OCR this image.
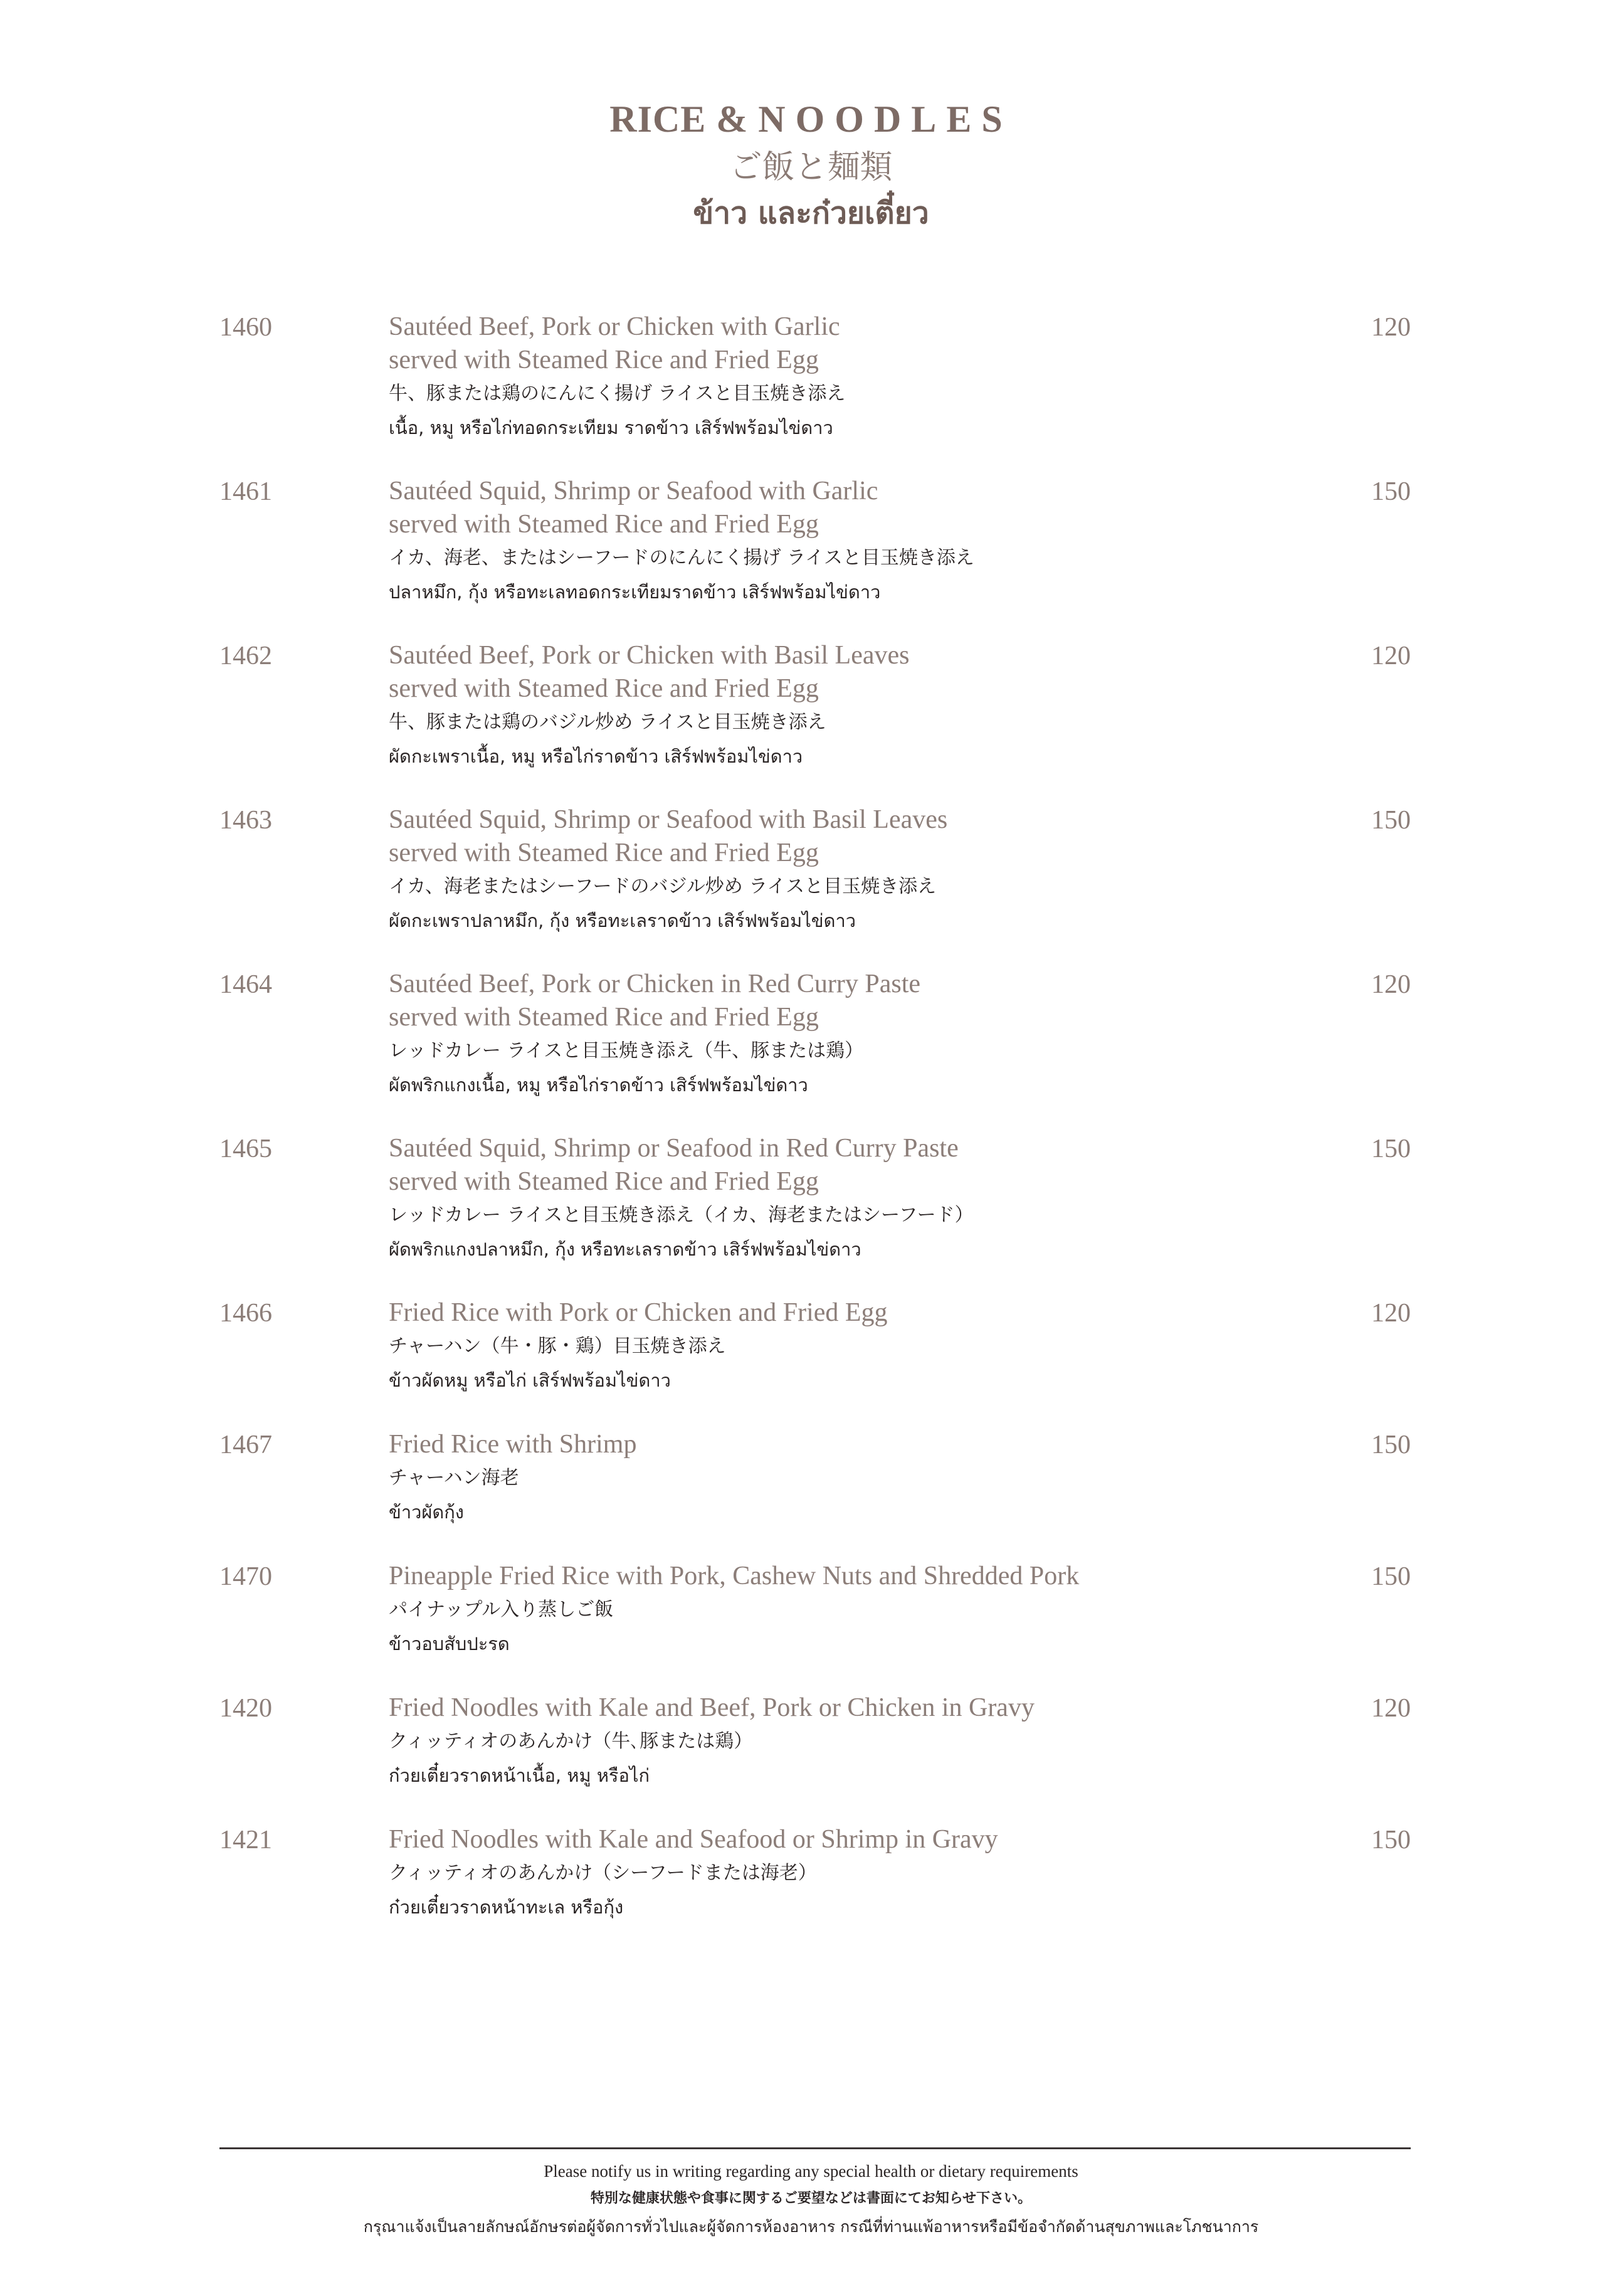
RICE & NOODLES
ご飯と麺類
ข้าว และก๋วยเตี๋ยว
1460	Sautéed Beef, Pork or Chicken with Garlic
served with Steamed Rice and Fried Egg
牛、豚または鶏のにんにく揚げ ライスと目玉焼き添え
เนื้อ, หมู หรือไก่ทอดกระเทียม ราดข้าว เสิร์ฟพร้อมไข่ดาว
120
1461	Sautéed Squid, Shrimp or Seafood with Garlic
served with Steamed Rice and Fried Egg
イカ、海老、またはシーフードのにんにく揚げ ライスと目玉焼き添え
ปลาหมึก, กุ้ง หรือทะเลทอดกระเทียมราดข้าว เสิร์ฟพร้อมไข่ดาว
150
1462	Sautéed Beef, Pork or Chicken with Basil Leaves
served with Steamed Rice and Fried Egg
牛、豚または鶏のバジル炒め ライスと目玉焼き添え
ผัดกะเพราเนื้อ, หมู หรือไก่ราดข้าว เสิร์ฟพร้อมไข่ดาว
120
1463	Sautéed Squid, Shrimp or Seafood with Basil Leaves
served with Steamed Rice and Fried Egg
イカ、海老またはシーフードのバジル炒め ライスと目玉焼き添え
ผัดกะเพราปลาหมึก, กุ้ง หรือทะเลราดข้าว เสิร์ฟพร้อมไข่ดาว
150
1464	Sautéed Beef, Pork or Chicken in Red Curry Paste
served with Steamed Rice and Fried Egg
レッドカレー ライスと目玉焼き添え（牛、豚または鶏）
ผัดพริกแกงเนื้อ, หมู หรือไก่ราดข้าว เสิร์ฟพร้อมไข่ดาว
120
1465	Sautéed Squid, Shrimp or Seafood in Red Curry Paste
served with Steamed Rice and Fried Egg
レッドカレー ライスと目玉焼き添え（イカ、海老またはシーフード）
ผัดพริกแกงปลาหมึก, กุ้ง หรือทะเลราดข้าว เสิร์ฟพร้อมไข่ดาว
150
1466	Fried Rice with Pork or Chicken and Fried Egg
チャーハン（牛・豚・鶏）目玉焼き添え
ข้าวผัดหมู หรือไก่ เสิร์ฟพร้อมไข่ดาว
120
1467	Fried Rice with Shrimp
チャーハン海老
ข้าวผัดกุ้ง
150
1470	Pineapple Fried Rice with Pork, Cashew Nuts and Shredded Pork
パイナップル入り蒸しご飯
ข้าวอบสับปะรด
150
1420	Fried Noodles with Kale and Beef, Pork or Chicken in Gravy
クィッティオのあんかけ（牛､豚または鶏）
ก๋วยเตี๋ยวราดหน้าเนื้อ, หมู หรือไก่
120
1421	Fried Noodles with Kale and Seafood or Shrimp in Gravy
クィッティオのあんかけ（シーフードまたは海老）
ก๋วยเตี๋ยวราดหน้าทะเล หรือกุ้ง
150
Please notify us in writing regarding any special health or dietary requirements
特別な健康状態や食事に関するご要望などは書面にてお知らせ下さい。
กรุณาแจ้งเป็นลายลักษณ์อักษรต่อผู้จัดการทั่วไปและผู้จัดการห้องอาหาร กรณีที่ท่านแพ้อาหารหรือมีข้อจำกัดด้านสุขภาพและโภชนาการ
